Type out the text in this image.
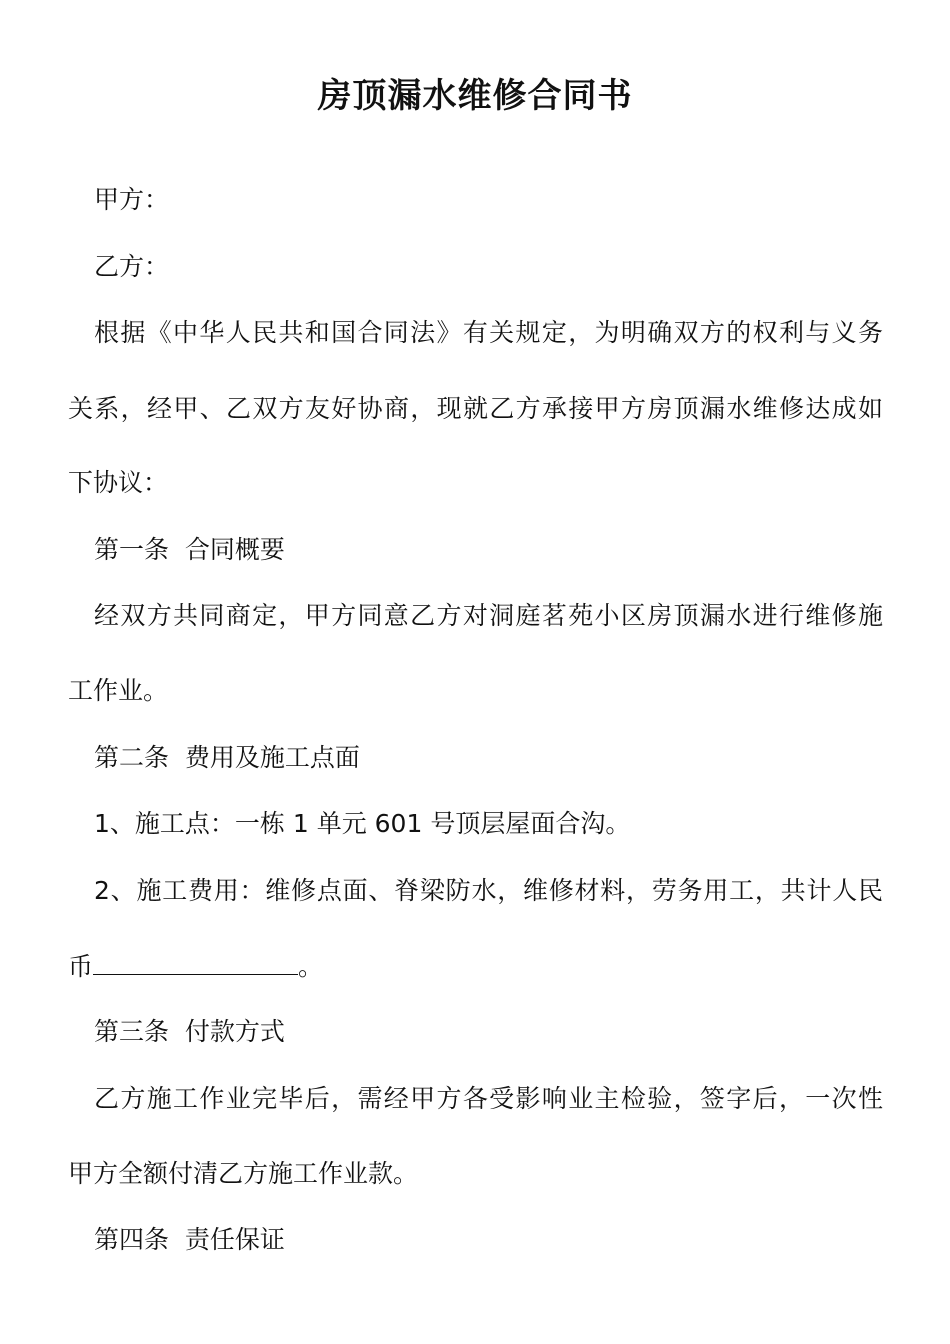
房顶漏水维修合同书
甲方：
乙方：
根据《中华人民共和国合同法》有关规定，为明确双方的权利与义务
关系，经甲、乙双方友好协商，现就乙方承接甲方房顶漏水维修达成如
下协议：
第一条  合同概要
经双方共同商定，甲方同意乙方对洞庭茗苑小区房顶漏水进行维修施
工作业。
第二条  费用及施工点面
1、施工点：一栋 1 单元 601 号顶层屋面合沟。
2、施工费用：维修点面、脊梁防水，维修材料，劳务用工，共计人民
币	。
第三条  付款方式
乙方施工作业完毕后，需经甲方各受影响业主检验，签字后，一次性
甲方全额付清乙方施工作业款。
第四条  责任保证
